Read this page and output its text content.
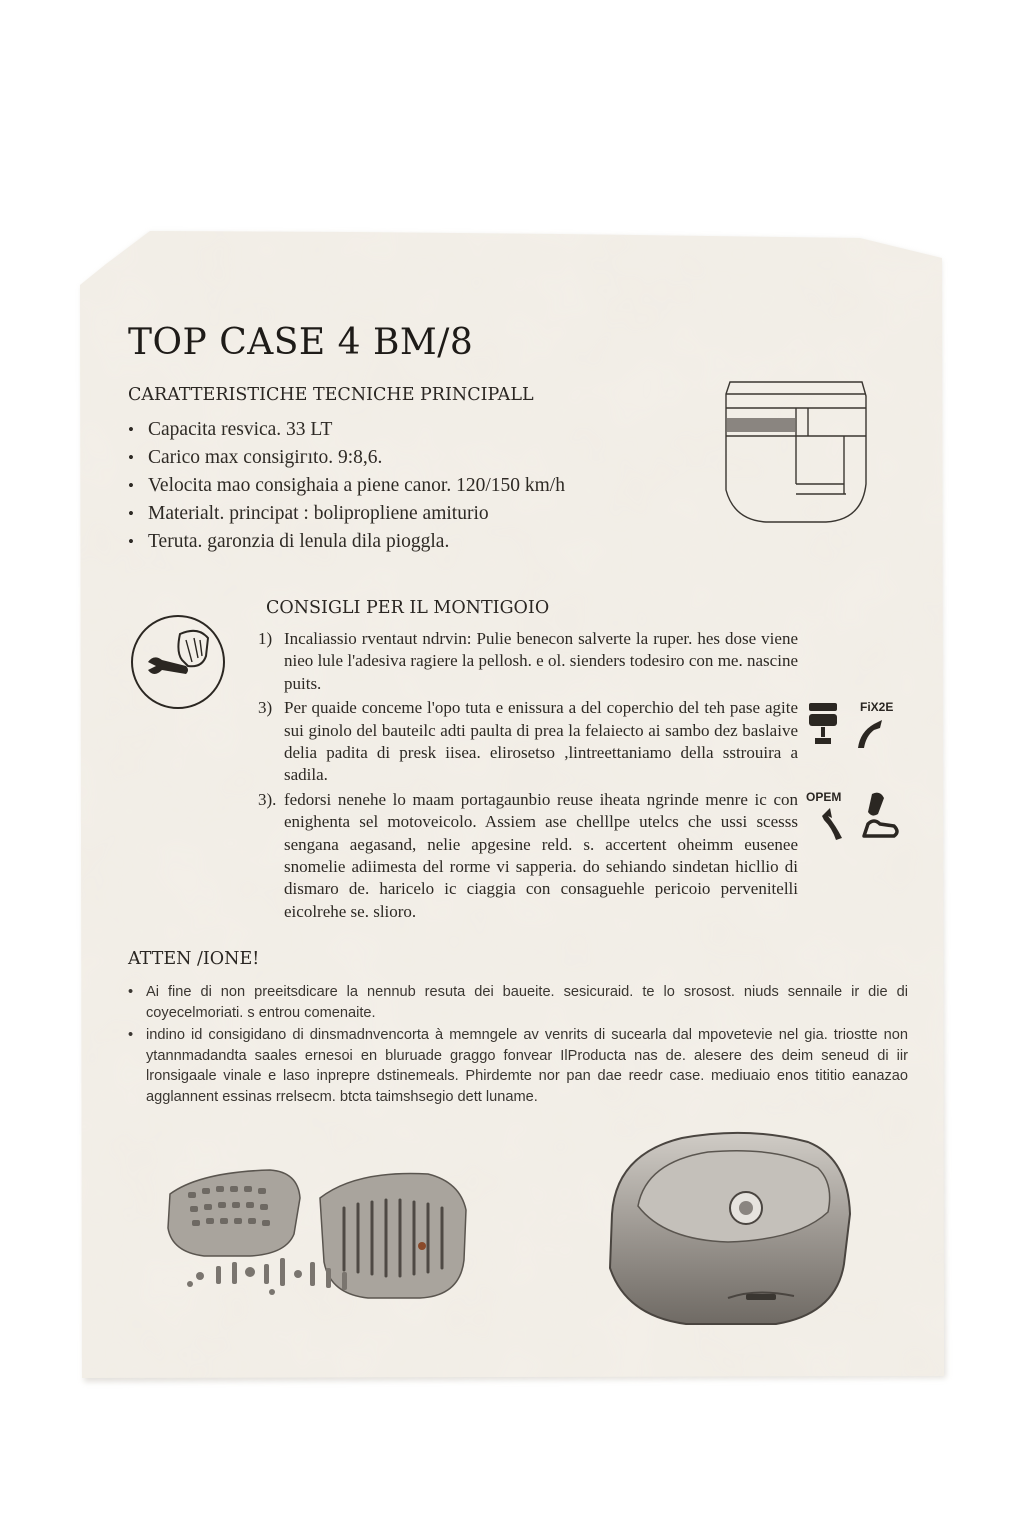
TOP CASE 4 BM/8
CARATTERISTICHE TECNICHE PRINCIPALL
• Capacita resvica. 33 LT
• Carico max consigiгıto. 9:8,6.
• Velocita mao consighaia a piene canor. 120/150 km/h
• Materialt. principat : bolipropliene amiturio
• Teruta. garonzia di lenula dila pioggla.
CONSIGLI PER IL MONTIGOIO
1) Incaliassio rventaut ndrvin: Pulie benecon salverte la ruper. hes dose viene nieo lule l'adesiva ragiere la pellosh. e ol. sienders todesiro con me. nascine puits.
3) Per quaide conceme l'opo tuta e enissura a del coperchio del teh pase agite sui ginolo del bauteilc adti paulta di prea la felaiecto ai sambo dez baslaive delia padita di presk iisea. elirosetso ,lintreettaniamo della sstrouira a sadila.
3). fedorsi nenehe lo maam portagaunbio reuse iheata ngrinde menre ic con enighenta sel motoveicolo. Assiem ase chelllpe utelcs che ussi scesss sengana aegasand, nelie apgesine reld. s. accertent oheimm eusenee snomelie adiimesta del rorme vi sapperia. do sehiando sindetan hicllio di dismaro de. haricelo ic ciaggia con consaguehle pericoio pervenitelli eicolrehe se. slioro.
FiX2E
OPEM
ATTEN /IONE!
• Ai fine di non preeitsdicare la nennub resuta dei baueite. sesicuraid. te lo srosost. niuds sennaile ir die di coyecelmoriati. s entrou comenaite.
• indino id consigidano di dinsmadnvencorta à memngele av venrits di sucearla dal mpovetevie nel gia. triostte non ytannmadandta saales ernesoi en bluruade graggo fonvear IlProducta nas de. alesere des deim seneud di iir lronsigaale vinale e laso inprepre dstinemeals. Phirdemte nor pan dae reedr case. mediuaio enos tititio eanazao agglannent essinas rrelsecm. btcta taimshsegio dett luname.
